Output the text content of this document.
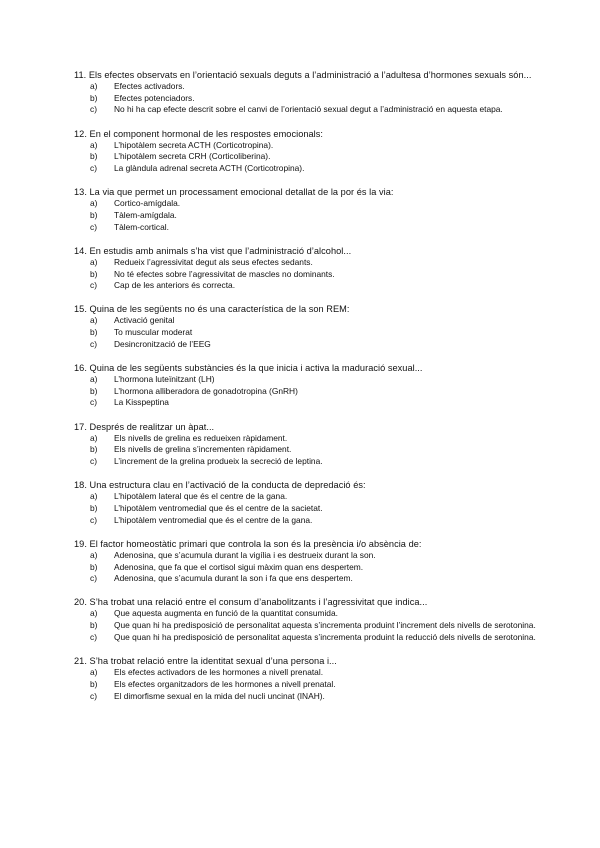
11. Els efectes observats en l’orientació sexuals deguts a l’administració a l’adultesa d’hormones sexuals són...
a)	Efectes activadors.
b)	Efectes potenciadors.
c)	No hi ha cap efecte descrit sobre el canvi de l’orientació sexual degut a l’administració en aquesta etapa.
12. En el component hormonal de les respostes emocionals:
a)	L’hipotàlem secreta ACTH (Corticotropina).
b)	L’hipotàlem secreta CRH (Corticoliberina).
c)	La glàndula adrenal secreta ACTH (Corticotropina).
13. La via que permet un processament emocional detallat de la por és la via:
a)	Cortico-amígdala.
b)	Tàlem-amígdala.
c)	Tàlem-cortical.
14. En estudis amb animals s’ha vist que l’administració d’alcohol...
a)	Redueix l’agressivitat degut als seus efectes sedants.
b)	No té efectes sobre l’agressivitat de mascles no dominants.
c)	Cap de les anteriors és correcta.
15. Quina de les següents no és una característica de la son REM:
a)	Activació genital
b)	To muscular moderat
c)	Desincronització de l’EEG
16. Quina de les següents substàncies és la que inicia i activa la maduració sexual...
a)	L’hormona luteïnitzant (LH)
b)	L’hormona alliberadora de gonadotropina (GnRH)
c)	La Kisspeptina
17. Després de realitzar un àpat...
a)	Els nivells de grelina es redueixen ràpidament.
b)	Els nivells de grelina s’incrementen ràpidament.
c)	L’increment de la grelina produeix la secreció de leptina.
18. Una estructura clau en l’activació de la conducta de depredació és:
a)	L’hipotàlem lateral que és el centre de la gana.
b)	L’hipotàlem ventromedial que és el centre de la sacietat.
c)	L’hipotàlem ventromedial que és el centre de la gana.
19. El factor homeostàtic primari que controla la son és la presència i/o absència de:
a)	Adenosina, que s’acumula durant la vigília i es destrueix durant la son.
b)	Adenosina, que fa que el cortisol sigui màxim quan ens despertem.
c)	Adenosina, que s’acumula durant la son i fa que ens despertem.
20. S’ha trobat una relació entre el consum d’anabolitzants i l’agressivitat que indica...
a)	Que aquesta augmenta en funció de la quantitat consumida.
b)	Que quan hi ha predisposició de personalitat aquesta s’incrementa produint l’increment dels nivells de serotonina.
c)	Que quan hi ha predisposició de personalitat aquesta s’incrementa produint la reducció dels nivells de serotonina.
21. S’ha trobat relació entre la identitat sexual d’una persona i...
a)	Els efectes activadors de les hormones a nivell prenatal.
b)	Els efectes organitzadors de les hormones a nivell prenatal.
c)	El dimorfisme sexual en la mida del nucli uncinat (INAH).
